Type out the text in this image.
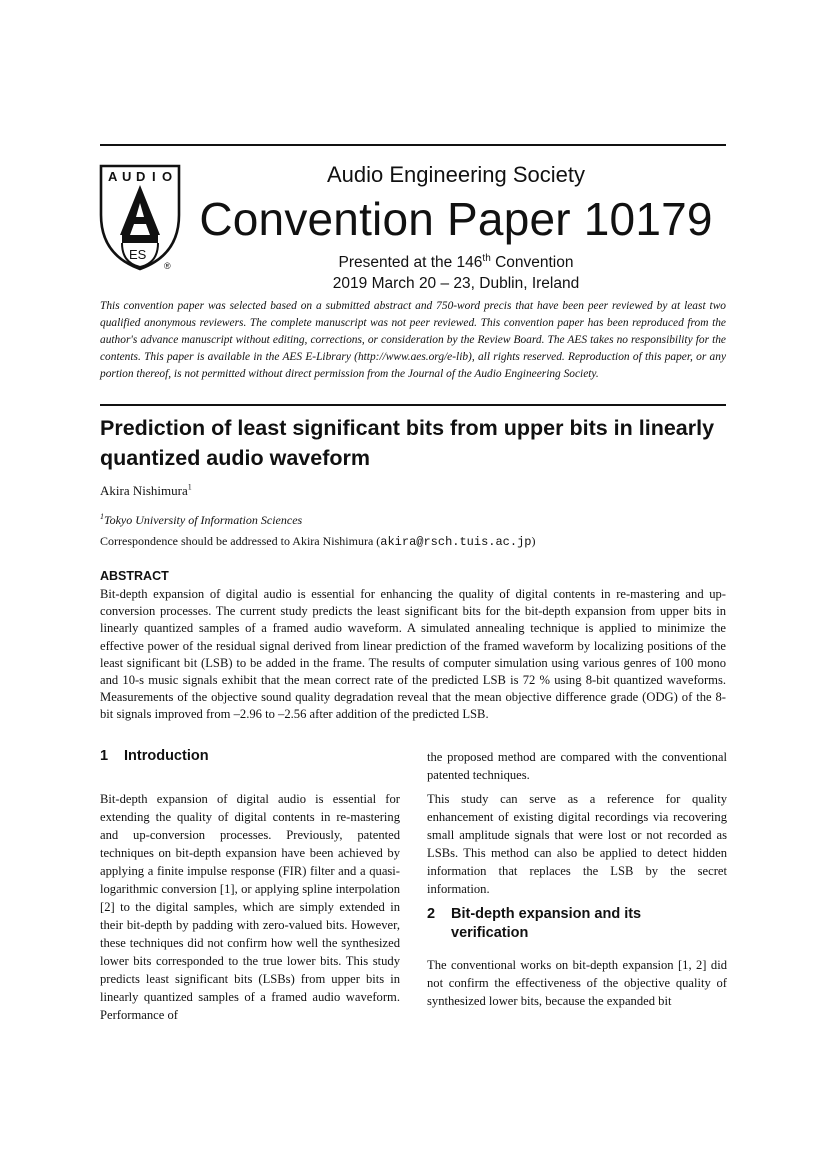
A U D I O
ES
®
Audio Engineering Society
Convention Paper 10179
Presented at the 146th Convention
2019 March 20 – 23, Dublin, Ireland
This convention paper was selected based on a submitted abstract and 750-word precis that have been peer reviewed by at least two qualified anonymous reviewers. The complete manuscript was not peer reviewed. This convention paper has been reproduced from the author's advance manuscript without editing, corrections, or consideration by the Review Board. The AES takes no responsibility for the contents. This paper is available in the AES E-Library (http://www.aes.org/e-lib), all rights reserved. Reproduction of this paper, or any portion thereof, is not permitted without direct permission from the Journal of the Audio Engineering Society.
Prediction of least significant bits from upper bits in linearly quantized audio waveform
Akira Nishimura$^1$
$^1$Tokyo University of Information Sciences
Correspondence should be addressed to Akira Nishimura (akira@rsch.tuis.ac.jp)
ABSTRACT
Bit-depth expansion of digital audio is essential for enhancing the quality of digital contents in re-mastering and up-conversion processes. The current study predicts the least significant bits for the bit-depth expansion from upper bits in linearly quantized samples of a framed audio waveform. A simulated annealing technique is applied to minimize the effective power of the residual signal derived from linear prediction of the framed waveform by localizing positions of the least significant bit (LSB) to be added in the frame. The results of computer simulation using various genres of 100 mono and 10-s music signals exhibit that the mean correct rate of the predicted LSB is 72 % using 8-bit quantized waveforms. Measurements of the objective sound quality degradation reveal that the mean objective difference grade (ODG) of the 8-bit signals improved from –2.96 to –2.56 after addition of the predicted LSB.
1 Introduction

Bit-depth expansion of digital audio is essential for extending the quality of digital contents in re-mastering and up-conversion processes. Previously, patented techniques on bit-depth expansion have been achieved by applying a finite impulse response (FIR) filter and a quasi-logarithmic conversion [1], or applying spline interpolation [2] to the digital samples, which are simply extended in their bit-depth by padding with zero-valued bits. However, these techniques did not confirm how well the synthesized lower bits corresponded to the true lower bits. This study predicts least significant bits (LSBs) from upper bits in linearly quantized samples of a framed audio waveform. Performance of

the proposed method are compared with the conventional patented techniques.

This study can serve as a reference for quality enhancement of existing digital recordings via recovering small amplitude signals that were lost or not recorded as LSBs. This method can also be applied to detect hidden information that replaces the LSB by the secret information.

2 Bit-depth expansion and its
verification

The conventional works on bit-depth expansion [1, 2] did not confirm the effectiveness of the objective quality of synthesized lower bits, because the expanded bit
